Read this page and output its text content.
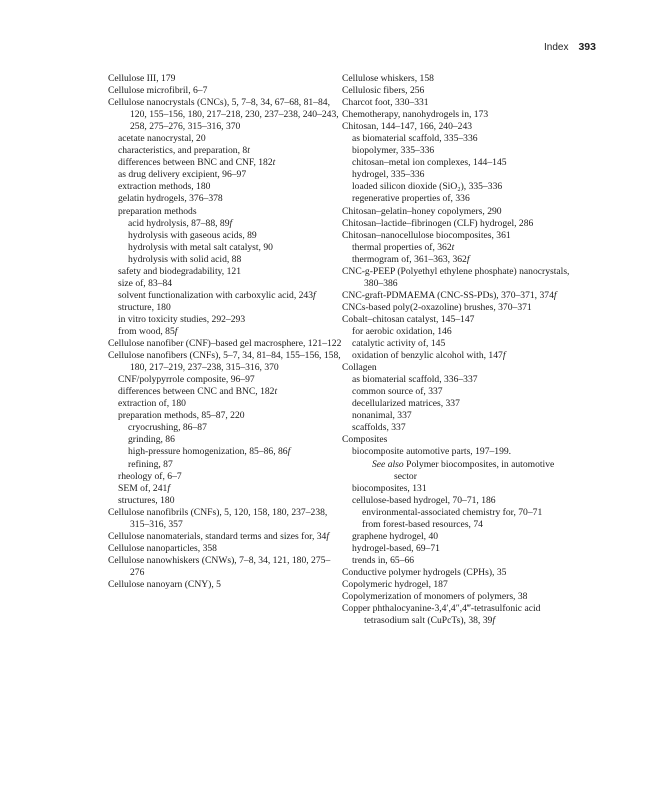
Index 393

Cellulose III, 179

Cellulose microfibril, 6–7

Cellulose nanocrystals (CNCs), 5, 7–8, 34, 67–68, 81–84, 120, 155–156, 180, 217–218, 230, 237–238, 240–243, 258, 275–276, 315–316, 370

acetate nanocrystal, 20

characteristics, and preparation, 8t

differences between BNC and CNF, 182t

as drug delivery excipient, 96–97

extraction methods, 180

gelatin hydrogels, 376–378

preparation methods

acid hydrolysis, 87–88, 89f

hydrolysis with gaseous acids, 89

hydrolysis with metal salt catalyst, 90

hydrolysis with solid acid, 88

safety and biodegradability, 121

size of, 83–84

solvent functionalization with carboxylic acid, 243f

structure, 180

in vitro toxicity studies, 292–293

from wood, 85f

Cellulose nanofiber (CNF)–based gel macrosphere, 121–122

Cellulose nanofibers (CNFs), 5–7, 34, 81–84, 155–156, 158, 180, 217–219, 237–238, 315–316, 370

CNF/polypyrrole composite, 96–97

differences between CNC and BNC, 182t

extraction of, 180

preparation methods, 85–87, 220

cryocrushing, 86–87

grinding, 86

high-pressure homogenization, 85–86, 86f

refining, 87

rheology of, 6–7

SEM of, 241f

structures, 180

Cellulose nanofibrils (CNFs), 5, 120, 158, 180, 237–238, 315–316, 357

Cellulose nanomaterials, standard terms and sizes for, 34f

Cellulose nanoparticles, 358

Cellulose nanowhiskers (CNWs), 7–8, 34, 121, 180, 275–276

Cellulose nanoyarn (CNY), 5

Cellulose whiskers, 158

Cellulosic fibers, 256

Charcot foot, 330–331

Chemotherapy, nanohydrogels in, 173

Chitosan, 144–147, 166, 240–243

as biomaterial scaffold, 335–336

biopolymer, 335–336

chitosan–metal ion complexes, 144–145

hydrogel, 335–336

loaded silicon dioxide (SiO₂), 335–336

regenerative properties of, 336

Chitosan–gelatin–honey copolymers, 290

Chitosan–lactide–fibrinogen (CLF) hydrogel, 286

Chitosan–nanocellulose biocomposites, 361

thermal properties of, 362t

thermogram of, 361–363, 362f

CNC-g-PEEP (Polyethyl ethylene phosphate) nanocrystals, 380–386

CNC-graft-PDMAEMA (CNC-SS-PDs), 370–371, 374f

CNCs-based poly(2-oxazoline) brushes, 370–371

Cobalt–chitosan catalyst, 145–147

for aerobic oxidation, 146

catalytic activity of, 145

oxidation of benzylic alcohol with, 147f

Collagen

as biomaterial scaffold, 336–337

common source of, 337

decellularized matrices, 337

nonanimal, 337

scaffolds, 337

Composites

biocomposite automotive parts, 197–199.

See also Polymer biocomposites, in automotive sector

biocomposites, 131

cellulose-based hydrogel, 70–71, 186

environmental-associated chemistry for, 70–71

from forest-based resources, 74

graphene hydrogel, 40

hydrogel-based, 69–71

trends in, 65–66

Conductive polymer hydrogels (CPHs), 35

Copolymeric hydrogel, 187

Copolymerization of monomers of polymers, 38

Copper phthalocyanine-3,4′,4″,4‴-tetrasulfonic acid tetrasodium salt (CuPcTs), 38, 39f
